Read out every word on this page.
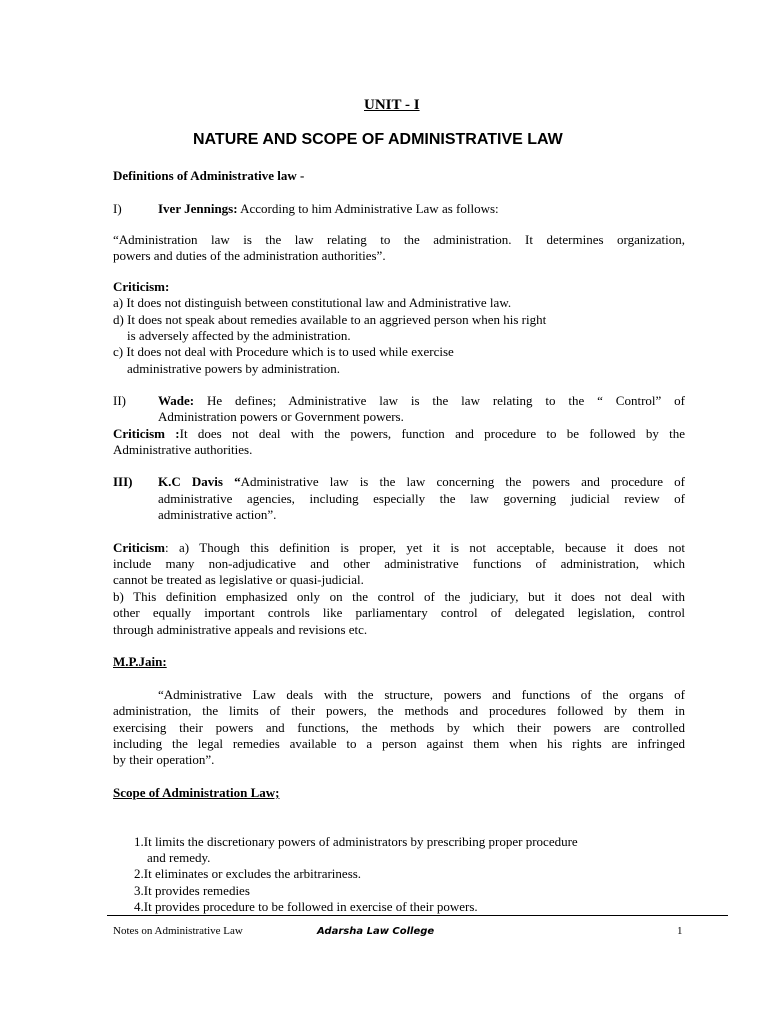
UNIT - I

NATURE AND SCOPE OF ADMINISTRATIVE LAW

Definitions of Administrative law -

I)	Iver Jennings: According to him Administrative Law as follows:

“Administration law is the law relating to the administration. It determines organization,

powers and duties of the administration authorities”.

Criticism:

a) It does not distinguish between constitutional law and Administrative law.

d) It does not speak about remedies available to an aggrieved person when his right

is adversely affected by the administration.

c) It does not deal with Procedure which is to used while exercise

administrative powers by administration.

II) Wade: He defines; Administrative law is the law relating to the “ Control” of

Administration powers or Government powers.

Criticism :It does not deal with the powers, function and procedure to be followed by the

Administrative authorities.

III) K.C Davis “Administrative law is the law concerning the powers and procedure of

administrative agencies, including especially the law governing judicial review of

administrative action”.

Criticism: a) Though this definition is proper, yet it is not acceptable, because it does not

include many non-adjudicative and other administrative functions of administration, which

cannot be treated as legislative or quasi-judicial.

b) This definition emphasized only on the control of the judiciary, but it does not deal with

other equally important controls like parliamentary control of delegated legislation, control

through administrative appeals and revisions etc.

M.P.Jain:

“Administrative Law deals with the structure, powers and functions of the organs of

administration, the limits of their powers, the methods and procedures followed by them in

exercising their powers and functions, the methods by which their powers are controlled

including the legal remedies available to a person against them when his rights are infringed

by their operation”.

Scope of Administration Law;

1.It limits the discretionary powers of administrators by prescribing proper procedure

and remedy.

2.It eliminates or excludes the arbitrariness.

3.It provides remedies

4.It provides procedure to be followed in exercise of their powers.

Notes on Administrative Law	Adarsha Law College	1
